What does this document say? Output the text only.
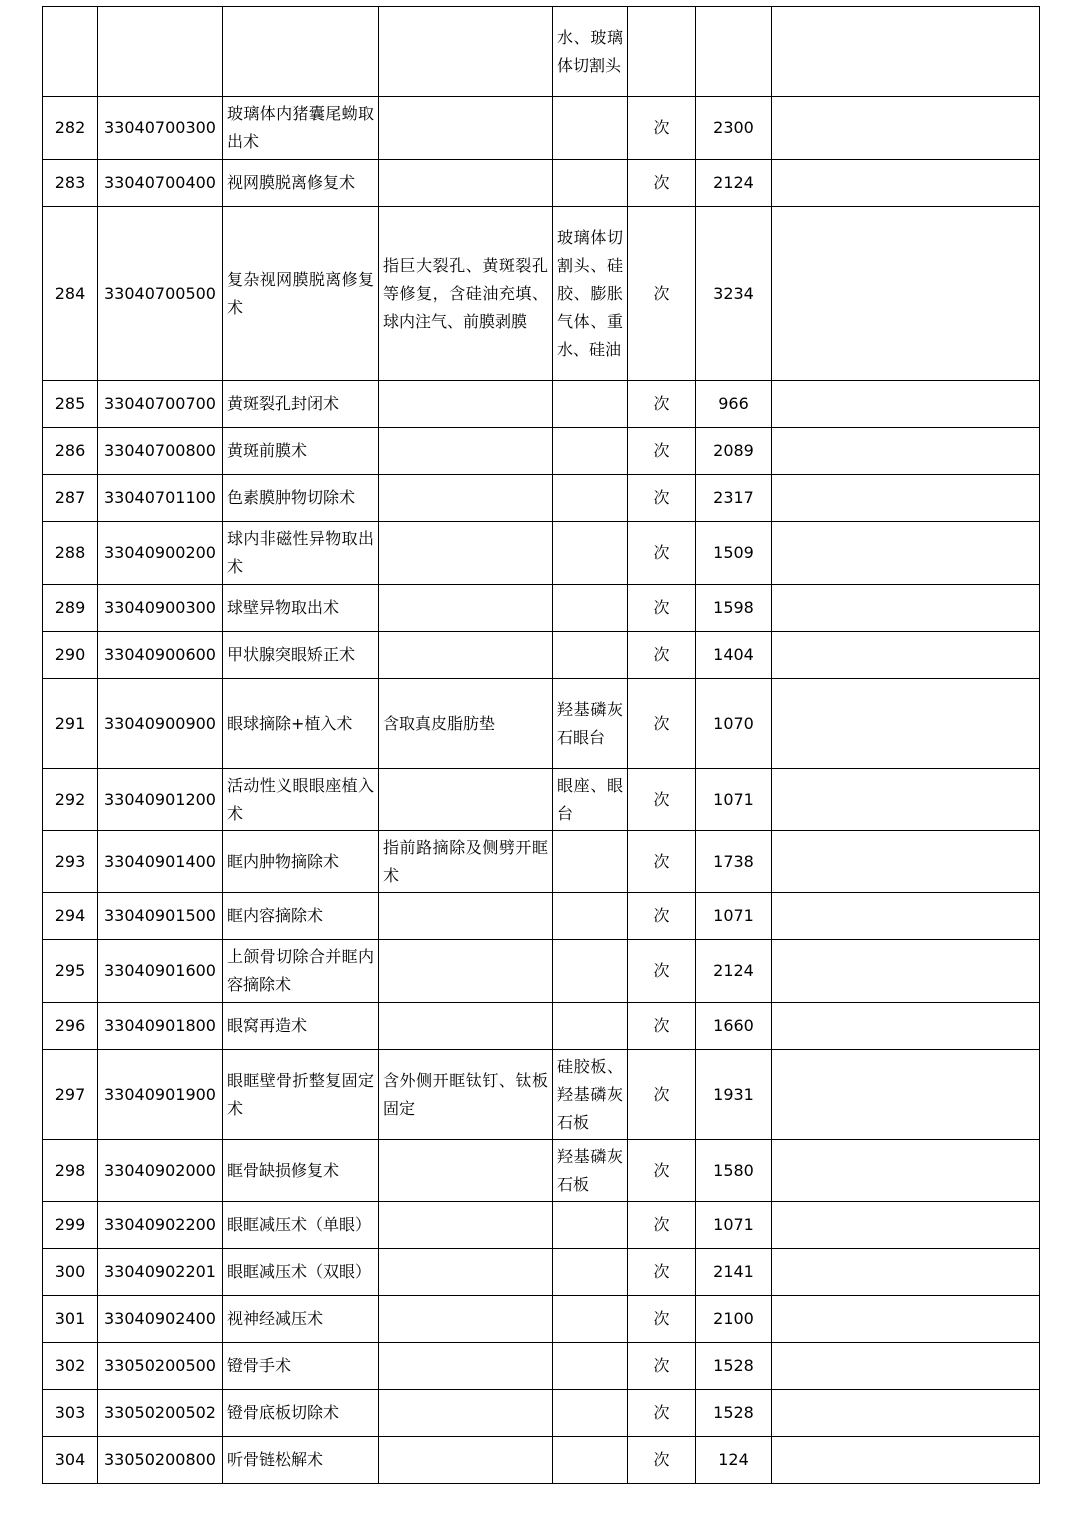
				水、玻璃体切割头			
282	33040700300	玻璃体内猪囊尾蚴取出术			次	2300	
283	33040700400	视网膜脱离修复术			次	2124	
284	33040700500	复杂视网膜脱离修复术	指巨大裂孔、黄斑裂孔等修复，含硅油充填、球内注气、前膜剥膜	玻璃体切割头、硅胶、膨胀气体、重水、硅油	次	3234	
285	33040700700	黄斑裂孔封闭术			次	966	
286	33040700800	黄斑前膜术			次	2089	
287	33040701100	色素膜肿物切除术			次	2317	
288	33040900200	球内非磁性异物取出术			次	1509	
289	33040900300	球壁异物取出术			次	1598	
290	33040900600	甲状腺突眼矫正术			次	1404	
291	33040900900	眼球摘除+植入术	含取真皮脂肪垫	羟基磷灰石眼台	次	1070	
292	33040901200	活动性义眼眼座植入术		眼座、眼台	次	1071	
293	33040901400	眶内肿物摘除术	指前路摘除及侧劈开眶术		次	1738	
294	33040901500	眶内容摘除术			次	1071	
295	33040901600	上颌骨切除合并眶内容摘除术			次	2124	
296	33040901800	眼窝再造术			次	1660	
297	33040901900	眼眶壁骨折整复固定术	含外侧开眶钛钉、钛板固定	硅胶板、羟基磷灰石板	次	1931	
298	33040902000	眶骨缺损修复术		羟基磷灰石板	次	1580	
299	33040902200	眼眶减压术（单眼）			次	1071	
300	33040902201	眼眶减压术（双眼）			次	2141	
301	33040902400	视神经减压术			次	2100	
302	33050200500	镫骨手术			次	1528	
303	33050200502	镫骨底板切除术			次	1528	
304	33050200800	听骨链松解术			次	124	
